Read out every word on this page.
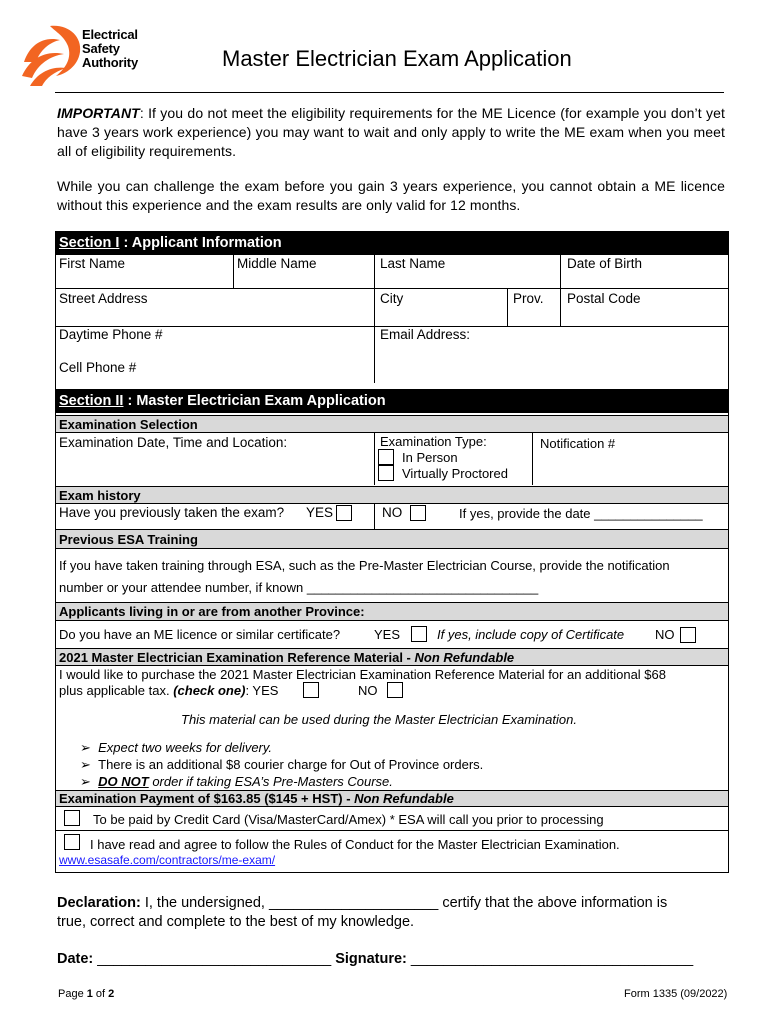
Electrical
Safety
Authority	Master Electrician Exam Application
IMPORTANT: If you do not meet the eligibility requirements for the ME Licence (for example you don’t yet have 3 years work experience) you may want to wait and only apply to write the ME exam when you meet all of eligibility requirements.
While you can challenge the exam before you gain 3 years experience, you cannot obtain a ME licence without this experience and the exam results are only valid for 12 months.
Section I : Applicant Information
First Name	Middle Name	Last Name	Date of Birth
Street Address	City	Prov. Postal Code
Daytime Phone #	Email Address:
Cell Phone #
Section II : Master Electrician Exam Application
Examination Selection
Examination Date, Time and Location:	Examination Type:
In Person
Virtually Proctored
Notification #
Exam history
Have you previously taken the exam? YES	NO	If yes, provide the date _______________
Previous ESA Training
If you have taken training through ESA, such as the Pre-Master Electrician Course, provide the notification
number or your attendee number, if known ________________________________
Applicants living in or are from another Province:
Do you have an ME licence or similar certificate?	YES	If yes, include copy of Certificate NO
2021 Master Electrician Examination Reference Material - Non Refundable
I would like to purchase the 2021 Master Electrician Examination Reference Material for an additional $68
plus applicable tax. (check one): YES	NO
This material can be used during the Master Electrician Examination.
➢ Expect two weeks for delivery.
➢ There is an additional $8 courier charge for Out of Province orders.
➢ DO NOT order if taking ESA’s Pre-Masters Course.
Examination Payment of $163.85 ($145 + HST) - Non Refundable
To be paid by Credit Card (Visa/MasterCard/Amex) * ESA will call you prior to processing
I have read and agree to follow the Rules of Conduct for the Master Electrician Examination.
www.esasafe.com/contractors/me-exam/
Declaration: I, the undersigned, _____________________ certify that the above information is
true, correct and complete to the best of my knowledge.
Date: _____________________________ Signature: ___________________________________
Page 1 of 2	Form 1335 (09/2022)
